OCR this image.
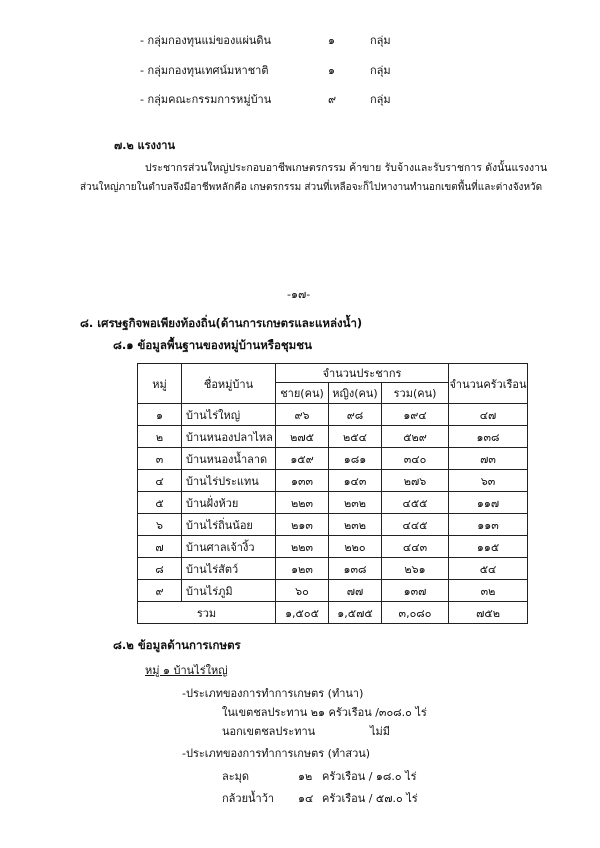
- กลุ่มกองทุนแม่ของแผ่นดิน	๑	กลุ่ม
- กลุ่มกองทุนเทศน์มหาชาติ	๑	กลุ่ม
- กลุ่มคณะกรรมการหมู่บ้าน	๙	กลุ่ม
๗.๒ แรงงาน
ประชากรส่วนใหญ่ประกอบอาชีพเกษตรกรรม ค้าขาย รับจ้างและรับราชการ ดังนั้นแรงงาน
ส่วนใหญ่ภายในตำบลจึงมีอาชีพหลักคือ เกษตรกรรม ส่วนที่เหลือจะก็ไปหางานทำนอกเขตพื้นที่และต่างจังหวัด
-๑๗-
๘. เศรษฐกิจพอเพียงท้องถิ่น(ด้านการเกษตรและแหล่งน้ำ)
๘.๑ ข้อมูลพื้นฐานของหมู่บ้านหรือชุมชน
หมู่	ชื่อหมู่บ้าน	จำนวนประชากร			จำนวนครัวเรือน
		ชาย(คน)	หญิง(คน)	รวม(คน)	
๑	บ้านไร่ใหญ่	๙๖	๙๘	๑๙๔	๔๗
๒	บ้านหนองปลาไหล	๒๗๕	๒๕๔	๕๒๙	๑๓๘
๓	บ้านหนองน้ำลาด	๑๕๙	๑๘๑	๓๔๐	๗๓
๔	บ้านไร่ประแทน	๑๓๓	๑๔๓	๒๗๖	๖๓
๕	บ้านฝั่งห้วย	๒๒๓	๒๓๒	๔๕๕	๑๑๗
๖	บ้านไร่ถิ่นน้อย	๒๑๓	๒๓๒	๔๔๕	๑๑๓
๗	บ้านศาลเจ้างิ้ว	๒๒๓	๒๒๐	๔๔๓	๑๑๕
๘	บ้านไร่สัตว์	๑๒๓	๑๓๘	๒๖๑	๕๔
๙	บ้านไร่ภูมิ	๖๐	๗๗	๑๓๗	๓๒
รวม		๑,๕๐๕	๑,๕๗๕	๓,๐๘๐	๗๕๒
๘.๒ ข้อมูลด้านการเกษตร
หมู่ ๑ บ้านไร่ใหญ่
-ประเภทของการทำการเกษตร (ทำนา)
ในเขตชลประทาน ๒๑ ครัวเรือน /๓๐๘.๐ ไร่
นอกเขตชลประทาน	ไม่มี
-ประเภทของการทำการเกษตร (ทำสวน)
ละมุด	๑๒ ครัวเรือน / ๑๘.๐ ไร่
กล้วยน้ำว้า ๑๔ ครัวเรือน / ๕๗.๐ ไร่
